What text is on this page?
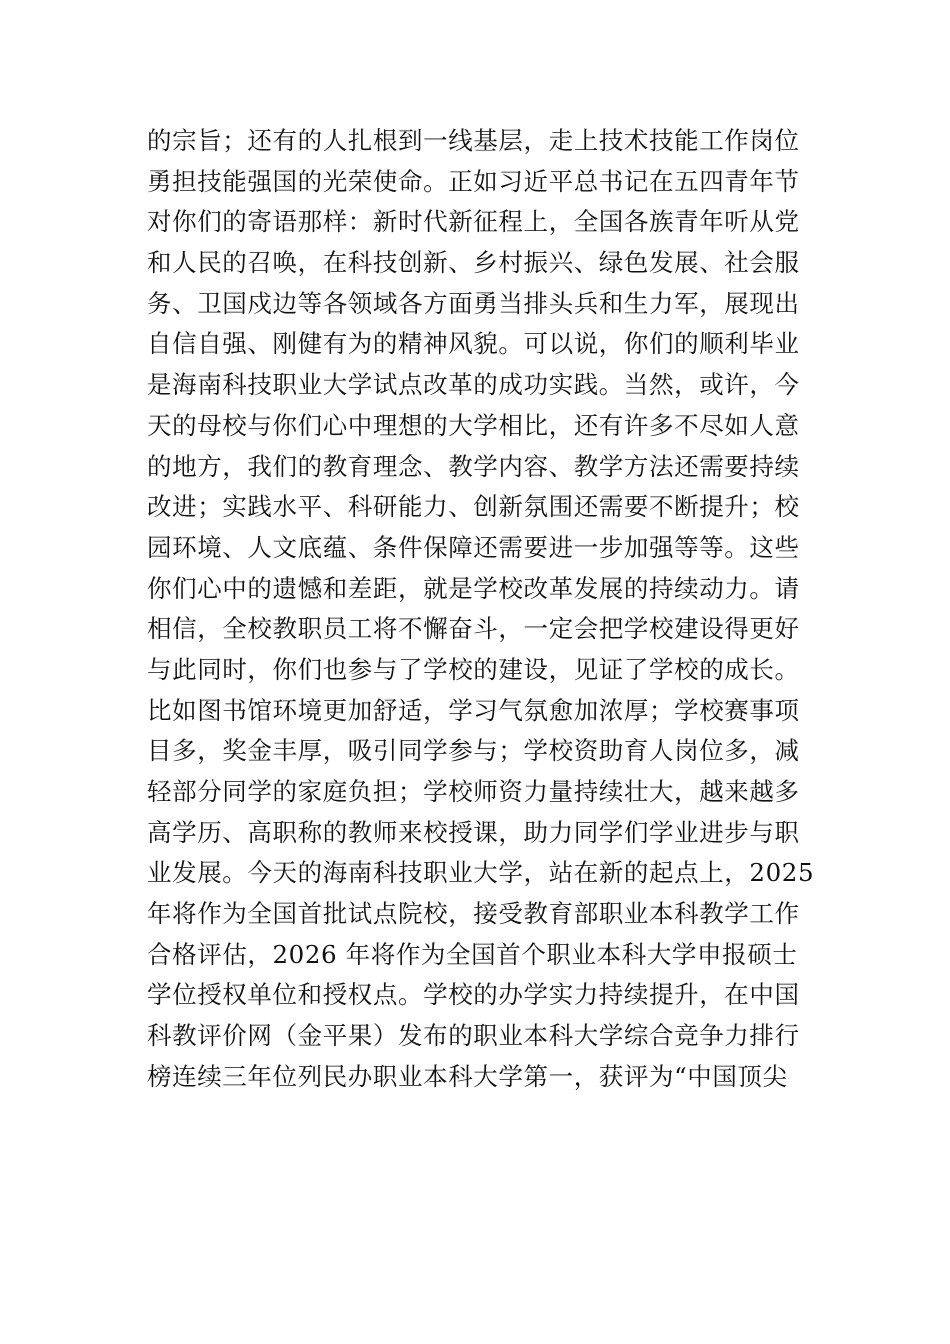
的宗旨；还有的人扎根到一线基层，走上技术技能工作岗位
勇担技能强国的光荣使命。正如习近平总书记在五四青年节
对你们的寄语那样：新时代新征程上，全国各族青年听从党
和人民的召唤，在科技创新、乡村振兴、绿色发展、社会服
务、卫国戍边等各领域各方面勇当排头兵和生力军，展现出
自信自强、刚健有为的精神风貌。可以说，你们的顺利毕业
是海南科技职业大学试点改革的成功实践。当然，或许，今
天的母校与你们心中理想的大学相比，还有许多不尽如人意
的地方，我们的教育理念、教学内容、教学方法还需要持续
改进；实践水平、科研能力、创新氛围还需要不断提升；校
园环境、人文底蕴、条件保障还需要进一步加强等等。这些
你们心中的遗憾和差距，就是学校改革发展的持续动力。请
相信，全校教职员工将不懈奋斗，一定会把学校建设得更好
与此同时，你们也参与了学校的建设，见证了学校的成长。
比如图书馆环境更加舒适，学习气氛愈加浓厚；学校赛事项
目多，奖金丰厚，吸引同学参与；学校资助育人岗位多，减
轻部分同学的家庭负担；学校师资力量持续壮大，越来越多
高学历、高职称的教师来校授课，助力同学们学业进步与职
业发展。今天的海南科技职业大学，站在新的起点上，2025
年将作为全国首批试点院校，接受教育部职业本科教学工作
合格评估，2026 年将作为全国首个职业本科大学申报硕士
学位授权单位和授权点。学校的办学实力持续提升，在中国
科教评价网（金平果）发布的职业本科大学综合竞争力排行
榜连续三年位列民办职业本科大学第一，获评为“中国顶尖
